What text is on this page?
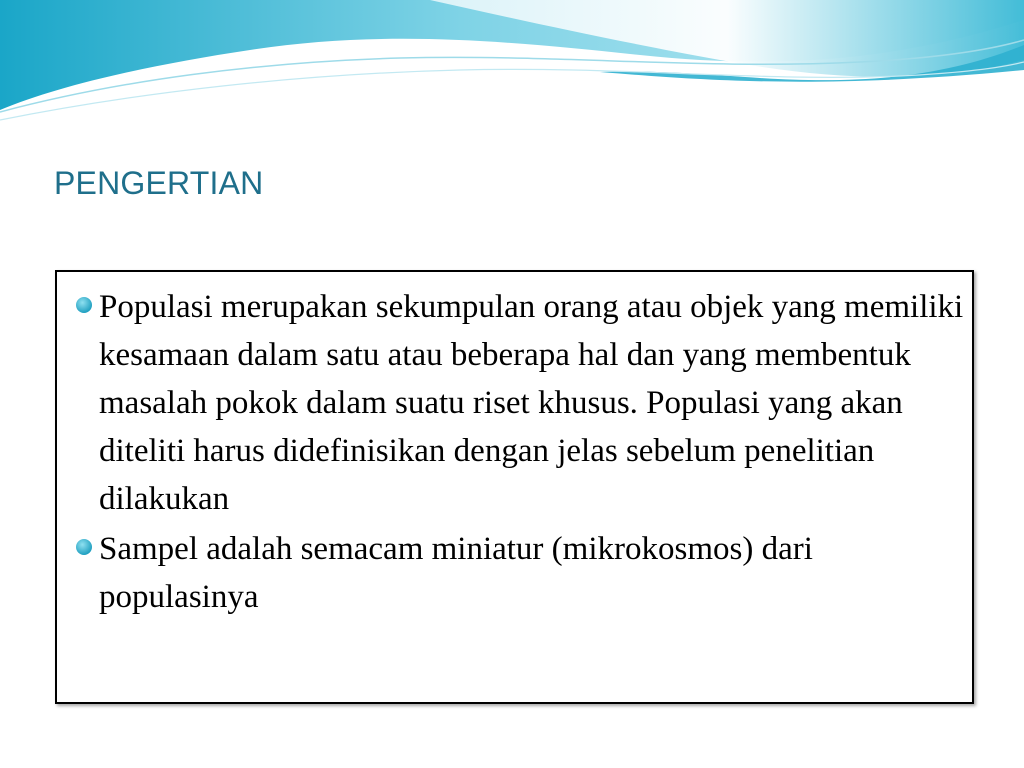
PENGERTIAN
Populasi merupakan sekumpulan orang atau objek yang memiliki kesamaan dalam satu atau beberapa hal dan yang membentuk masalah pokok dalam suatu riset khusus. Populasi yang akan diteliti harus didefinisikan dengan jelas sebelum penelitian dilakukan
Sampel adalah semacam miniatur (mikrokosmos) dari populasinya
